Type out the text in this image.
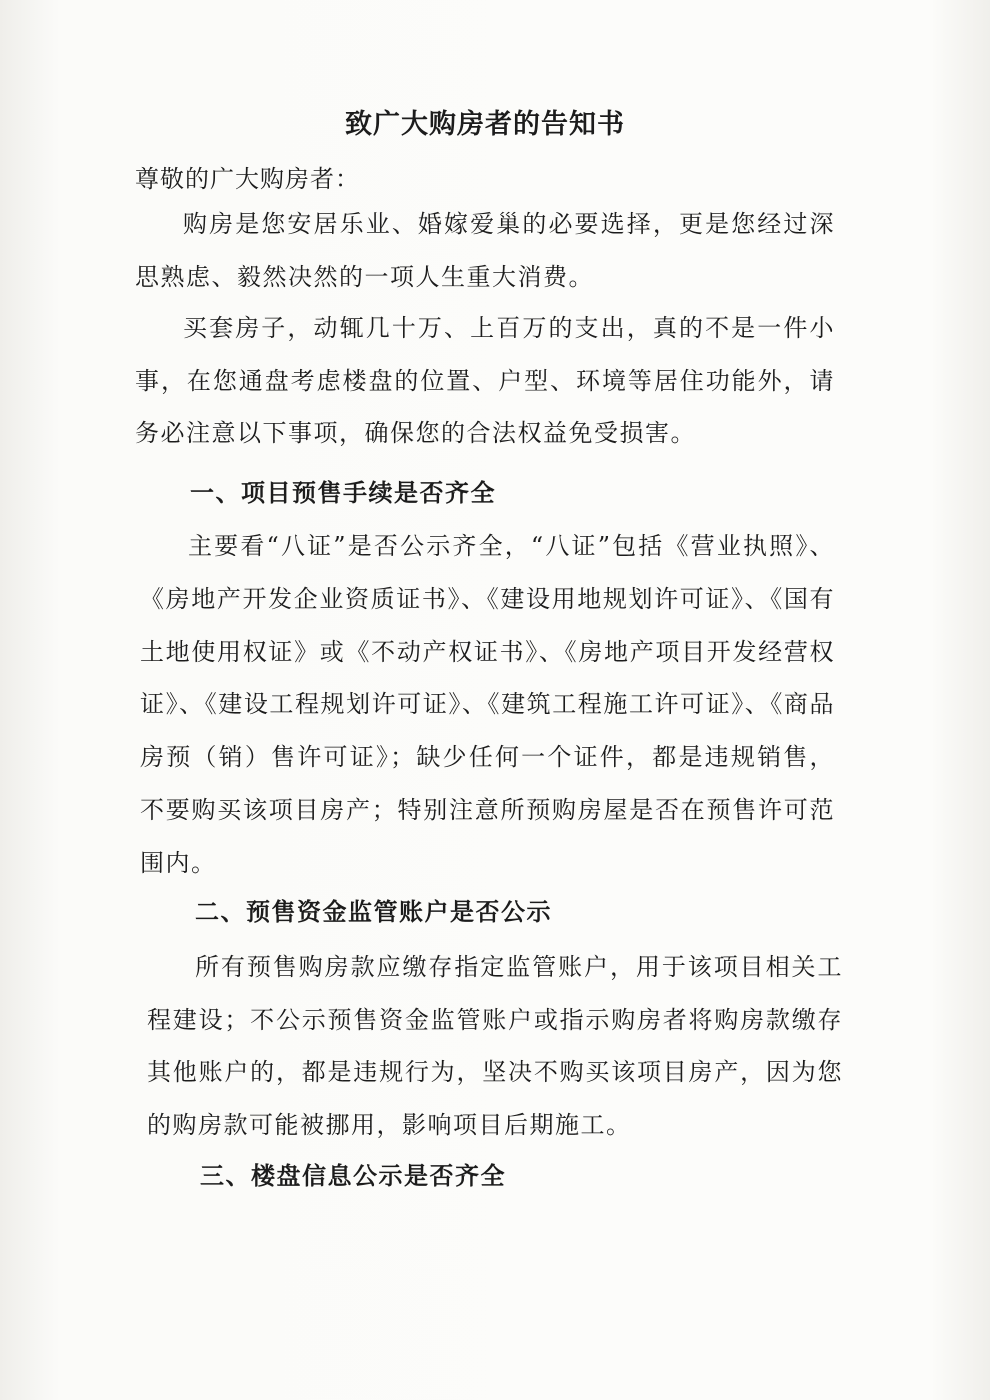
致广大购房者的告知书

尊敬的广大购房者：

购房是您安居乐业、婚嫁爱巢的必要选择，更是您经过深思熟虑、毅然决然的一项人生重大消费。

买套房子，动辄几十万、上百万的支出，真的不是一件小事，在您通盘考虑楼盘的位置、户型、环境等居住功能外，请务必注意以下事项，确保您的合法权益免受损害。

一、项目预售手续是否齐全

主要看“八证”是否公示齐全，“八证”包括《营业执照》、《房地产开发企业资质证书》、《建设用地规划许可证》、《国有土地使用权证》或《不动产权证书》、《房地产项目开发经营权证》、《建设工程规划许可证》、《建筑工程施工许可证》、《商品房预（销）售许可证》；缺少任何一个证件，都是违规销售，不要购买该项目房产；特别注意所预购房屋是否在预售许可范围内。

二、预售资金监管账户是否公示

所有预售购房款应缴存指定监管账户，用于该项目相关工程建设；不公示预售资金监管账户或指示购房者将购房款缴存其他账户的，都是违规行为，坚决不购买该项目房产，因为您的购房款可能被挪用，影响项目后期施工。

三、楼盘信息公示是否齐全
